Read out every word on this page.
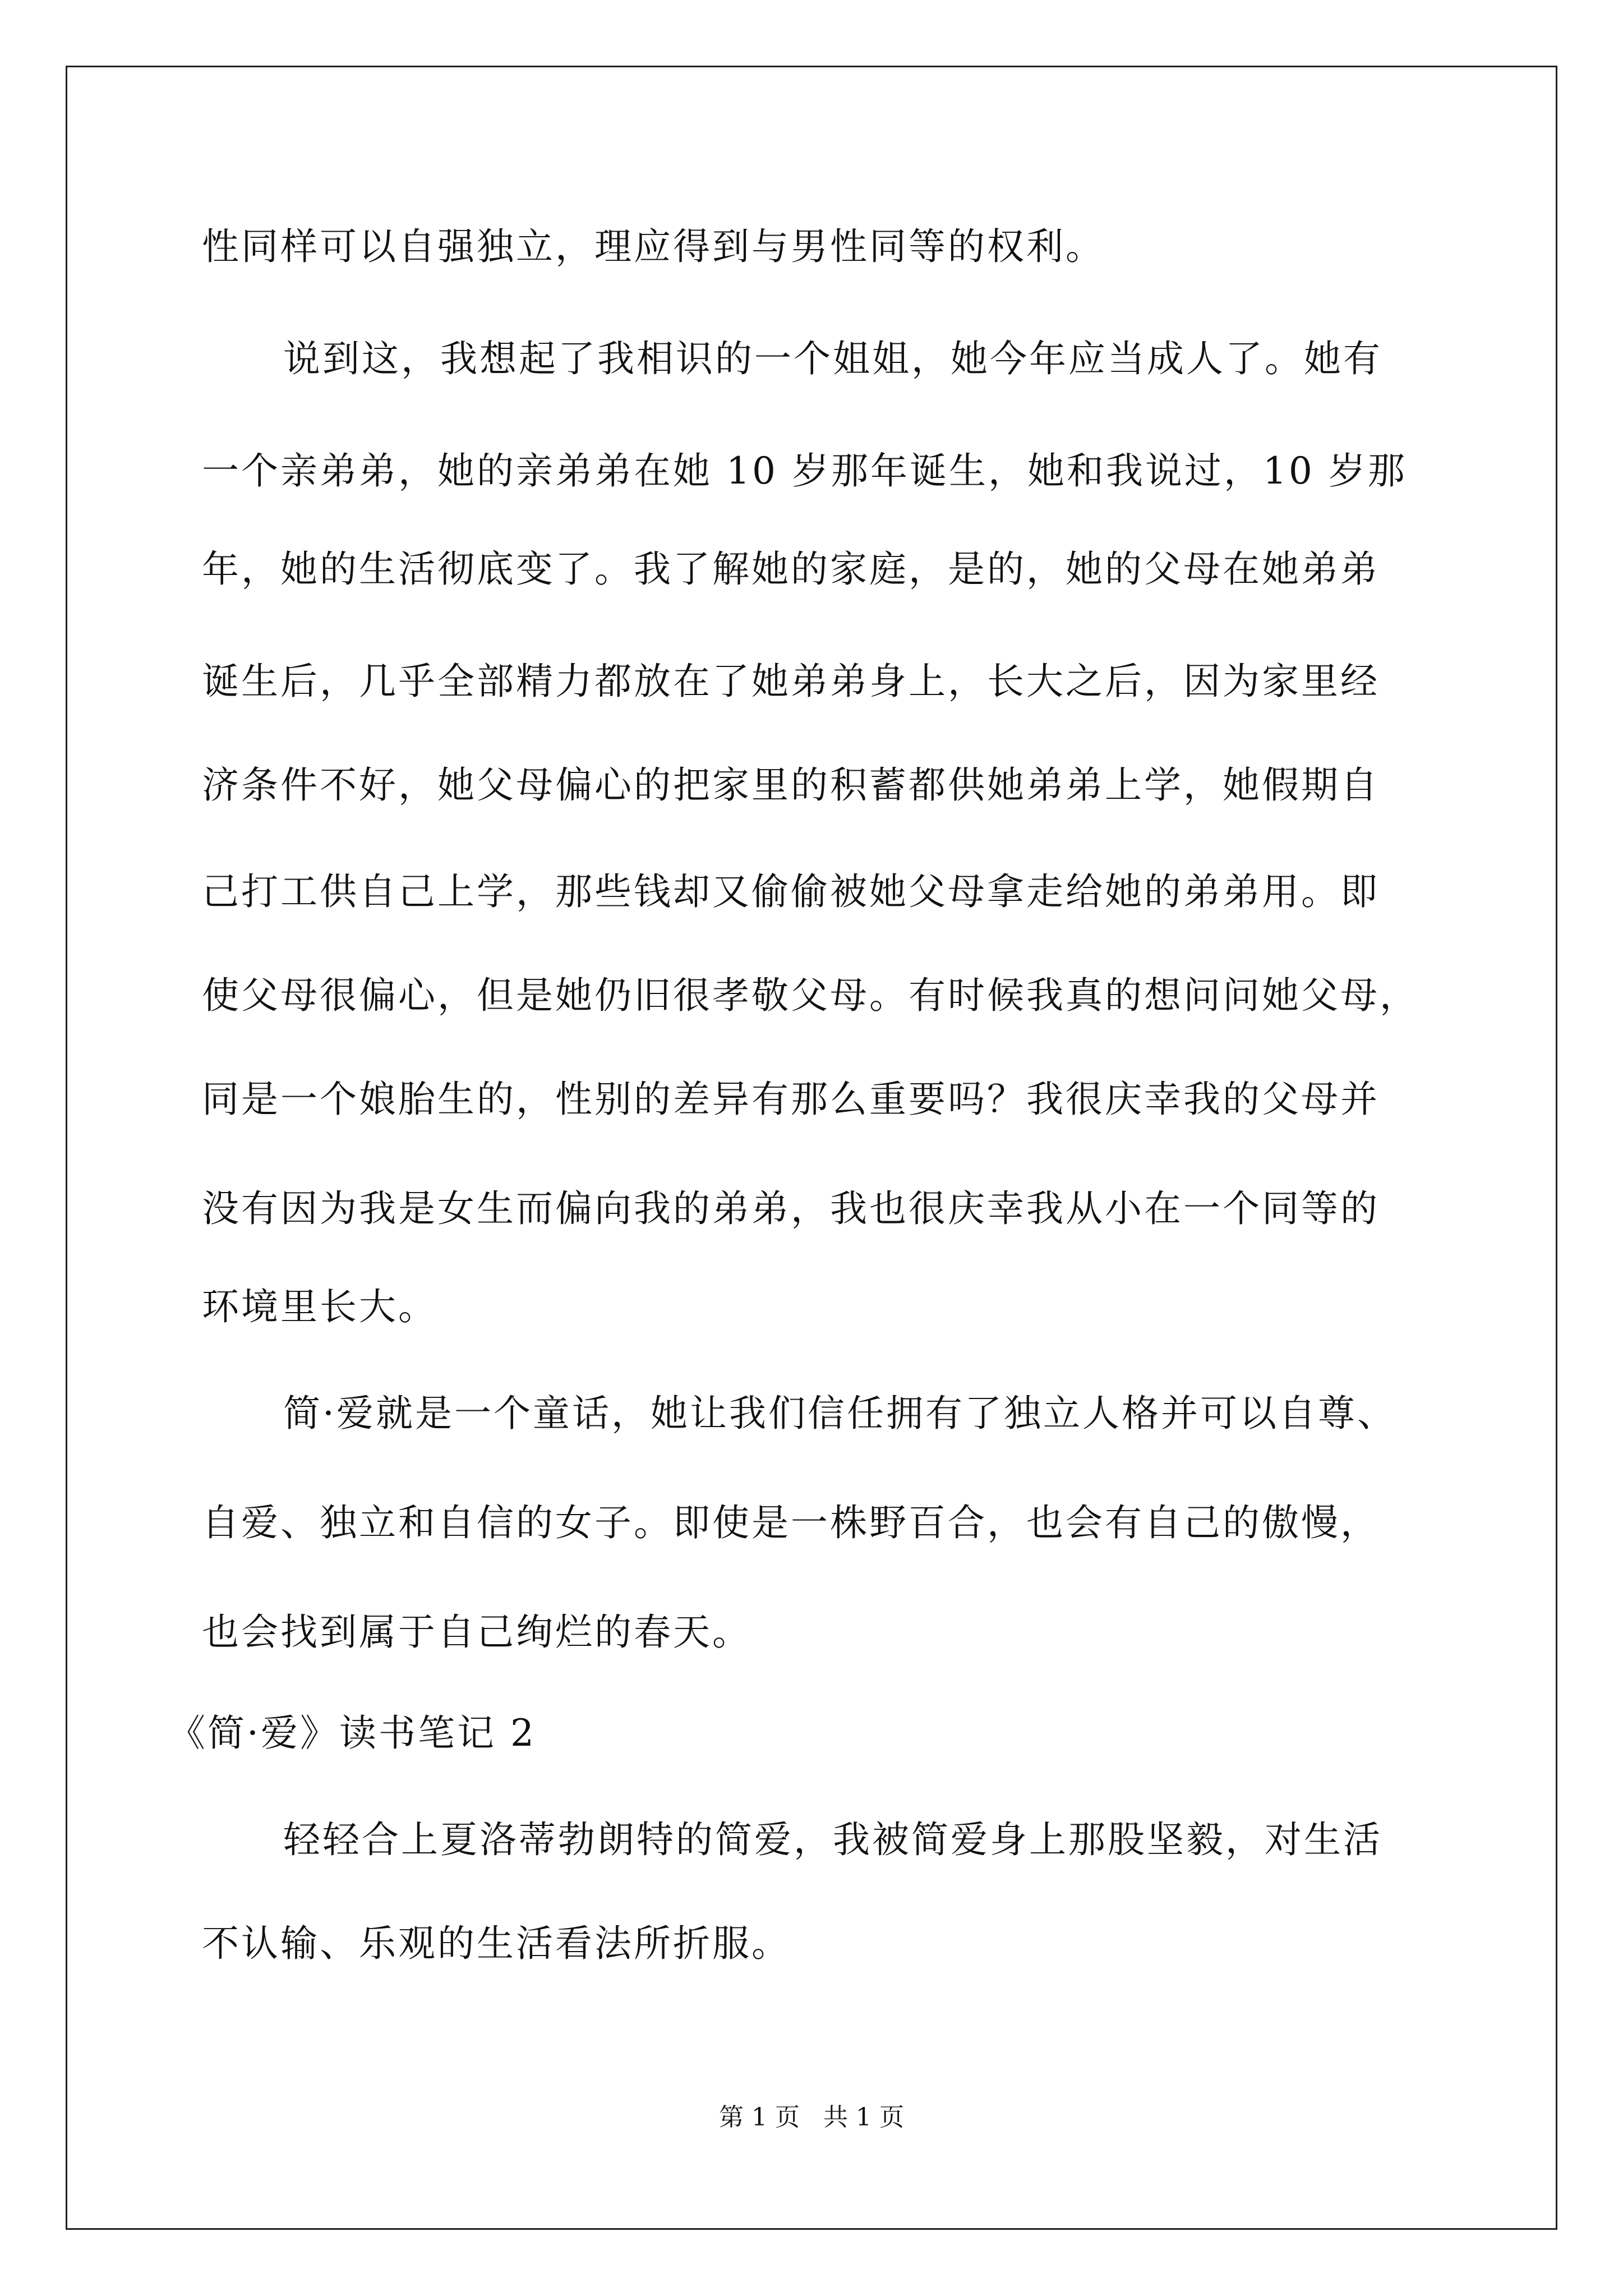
性同样可以自强独立，理应得到与男性同等的权利。
说到这，我想起了我相识的一个姐姐，她今年应当成人了。她有
一个亲弟弟，她的亲弟弟在她 10 岁那年诞生，她和我说过，10 岁那
年，她的生活彻底变了。我了解她的家庭，是的，她的父母在她弟弟
诞生后，几乎全部精力都放在了她弟弟身上，长大之后，因为家里经
济条件不好，她父母偏心的把家里的积蓄都供她弟弟上学，她假期自
己打工供自己上学，那些钱却又偷偷被她父母拿走给她的弟弟用。即
使父母很偏心，但是她仍旧很孝敬父母。有时候我真的想问问她父母，
同是一个娘胎生的，性别的差异有那么重要吗？我很庆幸我的父母并
没有因为我是女生而偏向我的弟弟，我也很庆幸我从小在一个同等的
环境里长大。
简·爱就是一个童话，她让我们信任拥有了独立人格并可以自尊、
自爱、独立和自信的女子。即使是一株野百合，也会有自己的傲慢，
也会找到属于自己绚烂的春天。
《简·爱》读书笔记 2
轻轻合上夏洛蒂勃朗特的简爱，我被简爱身上那股坚毅，对生活
不认输、乐观的生活看法所折服。
第 1 页   共 1 页
